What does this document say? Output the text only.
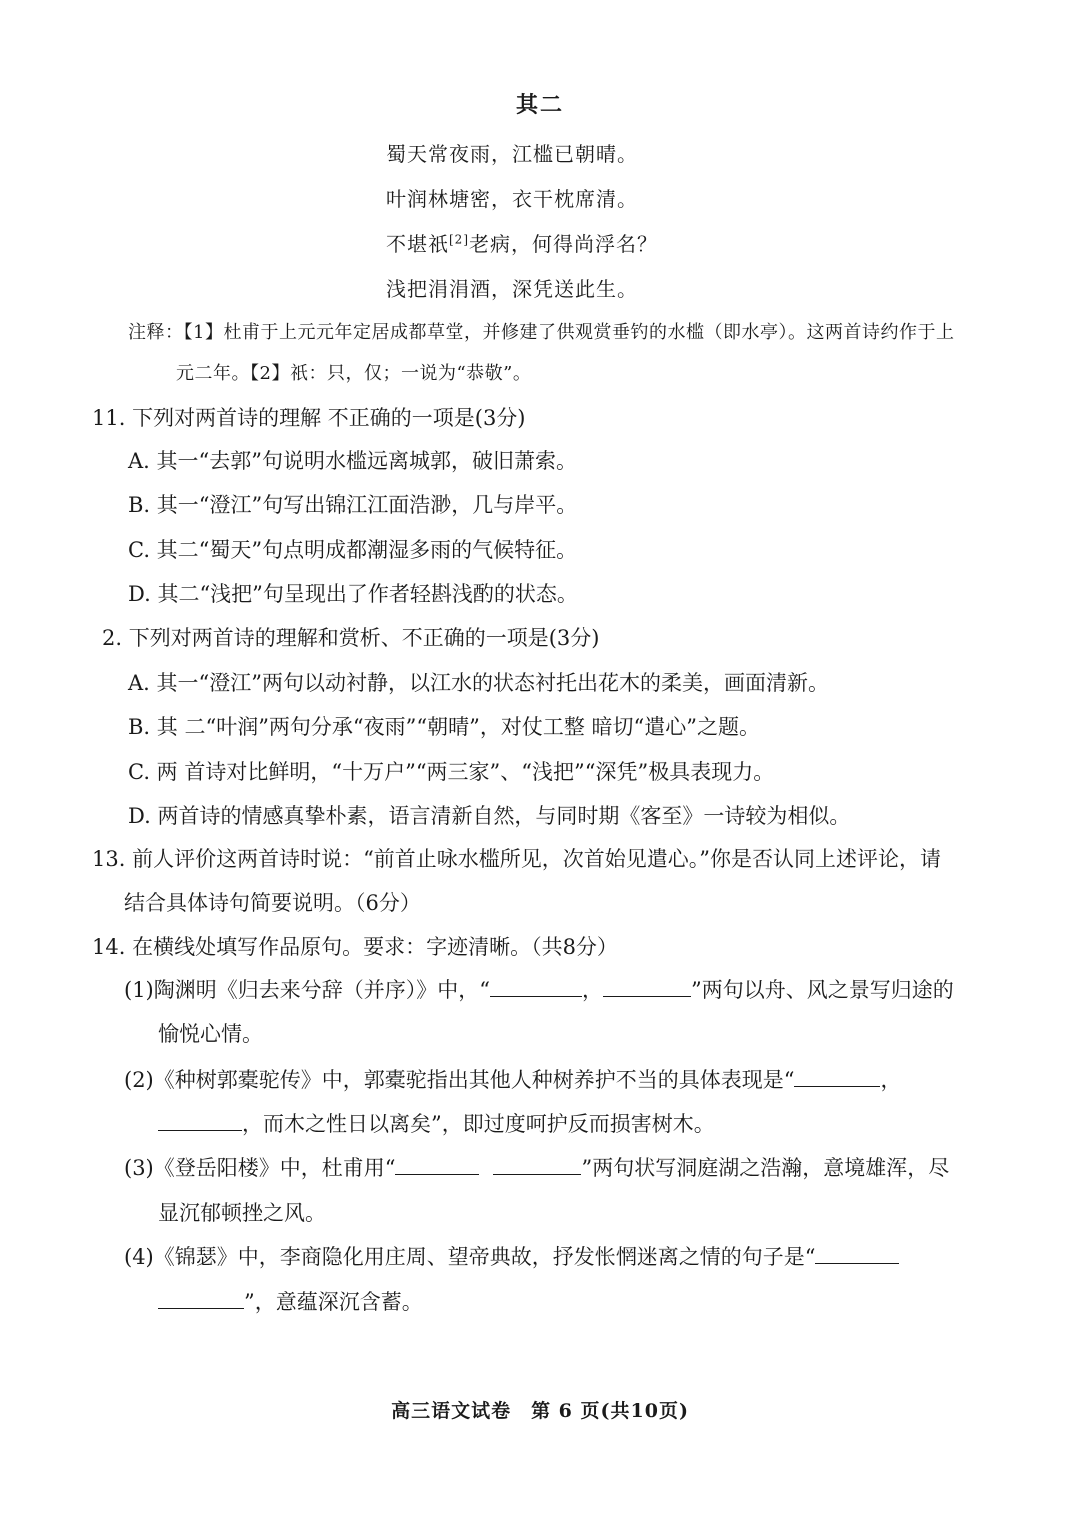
其二
蜀天常夜雨，江槛已朝晴。
叶润林塘密，衣干枕席清。
不堪祇[2]老病，何得尚浮名？
浅把涓涓酒，深凭送此生。
注释：【1】杜甫于上元元年定居成都草堂，并修建了供观赏垂钓的水槛（即水亭）。这两首诗约作于上
元二年。【2】祇：只，仅；一说为“恭敬”。
11. 下列对两首诗的理解 不正确的一项是(3分)
A. 其一“去郭”句说明水槛远离城郭，破旧萧索。
B. 其一“澄江”句写出锦江江面浩渺，几与岸平。
C. 其二“蜀天”句点明成都潮湿多雨的气候特征。
D. 其二“浅把”句呈现出了作者轻斟浅酌的状态。
2. 下列对两首诗的理解和赏析、不正确的一项是(3分)
A. 其一“澄江”两句以动衬静，以江水的状态衬托出花木的柔美，画面清新。
B. 其 二“叶润”两句分承“夜雨”“朝晴”，对仗工整 暗切“遣心”之题。
C. 两 首诗对比鲜明，“十万户”“两三家”、“浅把”“深凭”极具表现力。
D. 两首诗的情感真挚朴素，语言清新自然，与同时期《客至》一诗较为相似。
13. 前人评价这两首诗时说：“前首止咏水槛所见，次首始见遣心。”你是否认同上述评论，请
结合具体诗句简要说明。（6分）
14. 在横线处填写作品原句。要求：字迹清晰。（共8分）
(1)陶渊明《归去来兮辞（并序）》中，“	，	”两句以舟、风之景写归途的
愉悦心情。
(2)《种树郭橐驼传》中，郭橐驼指出其他人种树养护不当的具体表现是“	，
，而木之性日以离矣”，即过度呵护反而损害树木。
(3)《登岳阳楼》中，杜甫用“	”两句状写洞庭湖之浩瀚，意境雄浑，尽
显沉郁顿挫之风。
(4)《锦瑟》中，李商隐化用庄周、望帝典故，抒发怅惘迷离之情的句子是“
”，意蕴深沉含蓄。
高三语文试卷　第 6 页(共10页)
